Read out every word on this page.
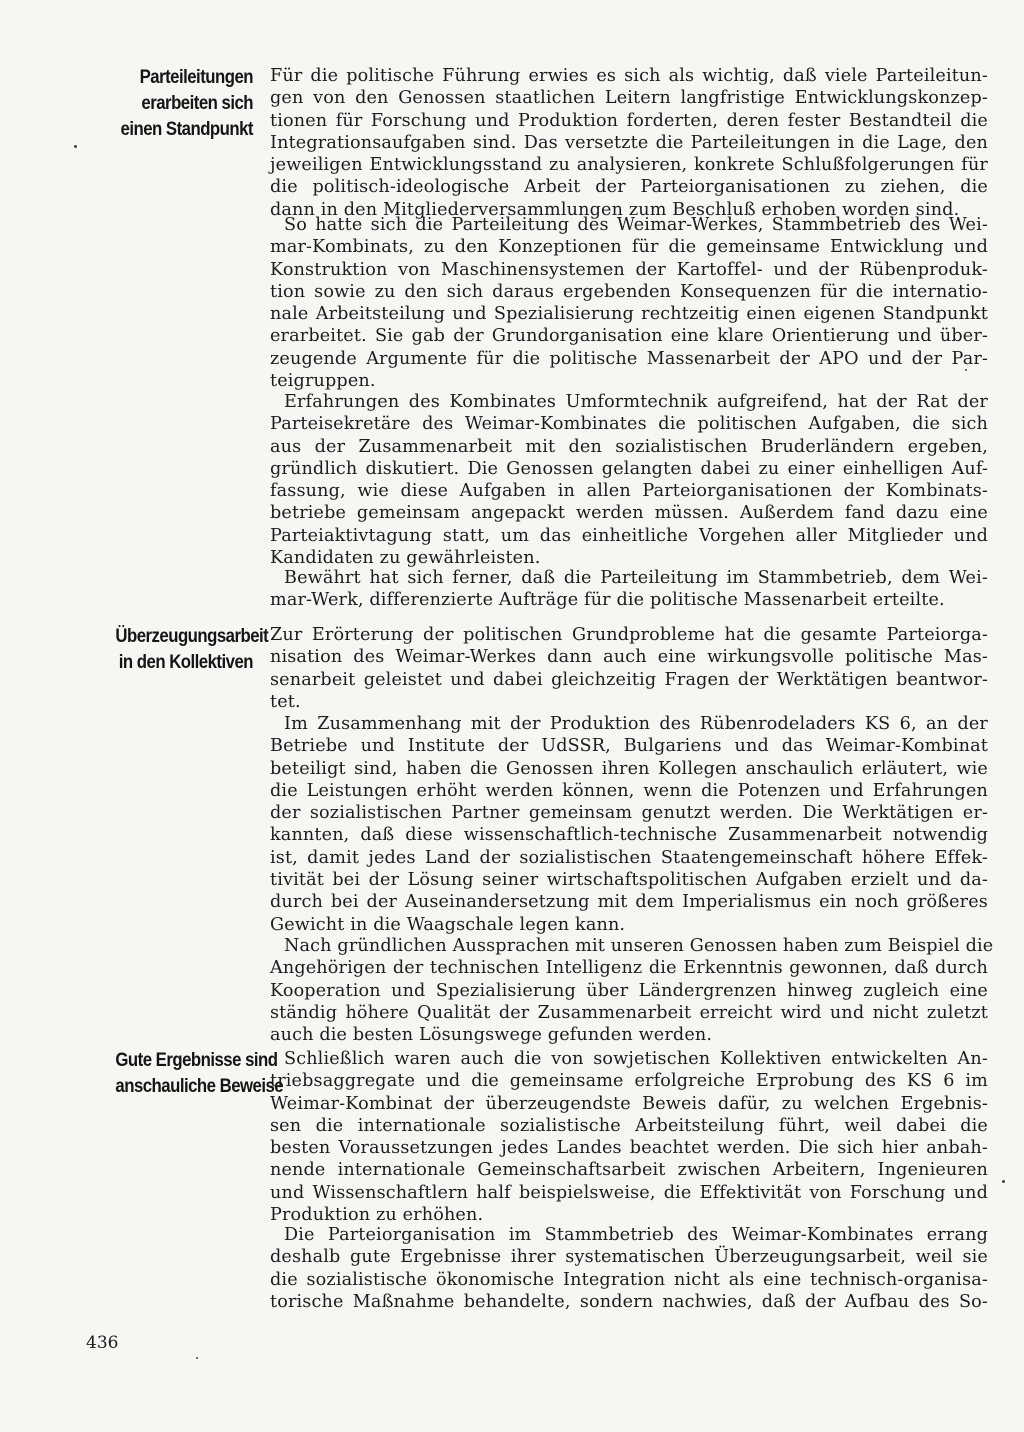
Parteileitungen
erarbeiten sich
einen Standpunkt
Überzeugungsarbeit
in den Kollektiven
Gute Ergebnisse sind
anschauliche Beweise
Für die politische Führung erwies es sich als wichtig, daß viele Parteileitun-
gen von den Genossen staatlichen Leitern langfristige Entwicklungskonzep-
tionen für Forschung und Produktion forderten, deren fester Bestandteil die
Integrationsaufgaben sind. Das versetzte die Parteileitungen in die Lage, den
jeweiligen Entwicklungsstand zu analysieren, konkrete Schlußfolgerungen für
die politisch-ideologische Arbeit der Parteiorganisationen zu ziehen, die
dann in den Mitgliederversammlungen zum Beschluß erhoben worden sind.
So hatte sich die Parteileitung des Weimar-Werkes, Stammbetrieb des Wei-
mar-Kombinats, zu den Konzeptionen für die gemeinsame Entwicklung und
Konstruktion von Maschinensystemen der Kartoffel- und der Rübenproduk-
tion sowie zu den sich daraus ergebenden Konsequenzen für die internatio-
nale Arbeitsteilung und Spezialisierung rechtzeitig einen eigenen Standpunkt
erarbeitet. Sie gab der Grundorganisation eine klare Orientierung und über-
zeugende Argumente für die politische Massenarbeit der APO und der Par-
teigruppen.
Erfahrungen des Kombinates Umformtechnik aufgreifend, hat der Rat der
Parteisekretäre des Weimar-Kombinates die politischen Aufgaben, die sich
aus der Zusammenarbeit mit den sozialistischen Bruderländern ergeben,
gründlich diskutiert. Die Genossen gelangten dabei zu einer einhelligen Auf-
fassung, wie diese Aufgaben in allen Parteiorganisationen der Kombinats-
betriebe gemeinsam angepackt werden müssen. Außerdem fand dazu eine
Parteiaktivtagung statt, um das einheitliche Vorgehen aller Mitglieder und
Kandidaten zu gewährleisten.
Bewährt hat sich ferner, daß die Parteileitung im Stammbetrieb, dem Wei-
mar-Werk, differenzierte Aufträge für die politische Massenarbeit erteilte.
Zur Erörterung der politischen Grundprobleme hat die gesamte Parteiorga-
nisation des Weimar-Werkes dann auch eine wirkungsvolle politische Mas-
senarbeit geleistet und dabei gleichzeitig Fragen der Werktätigen beantwor-
tet.
Im Zusammenhang mit der Produktion des Rübenrodeladers KS 6, an der
Betriebe und Institute der UdSSR, Bulgariens und das Weimar-Kombinat
beteiligt sind, haben die Genossen ihren Kollegen anschaulich erläutert, wie
die Leistungen erhöht werden können, wenn die Potenzen und Erfahrungen
der sozialistischen Partner gemeinsam genutzt werden. Die Werktätigen er-
kannten, daß diese wissenschaftlich-technische Zusammenarbeit notwendig
ist, damit jedes Land der sozialistischen Staatengemeinschaft höhere Effek-
tivität bei der Lösung seiner wirtschaftspolitischen Aufgaben erzielt und da-
durch bei der Auseinandersetzung mit dem Imperialismus ein noch größeres
Gewicht in die Waagschale legen kann.
Nach gründlichen Aussprachen mit unseren Genossen haben zum Beispiel die
Angehörigen der technischen Intelligenz die Erkenntnis gewonnen, daß durch
Kooperation und Spezialisierung über Ländergrenzen hinweg zugleich eine
ständig höhere Qualität der Zusammenarbeit erreicht wird und nicht zuletzt
auch die besten Lösungswege gefunden werden.
Schließlich waren auch die von sowjetischen Kollektiven entwickelten An-
triebsaggregate und die gemeinsame erfolgreiche Erprobung des KS 6 im
Weimar-Kombinat der überzeugendste Beweis dafür, zu welchen Ergebnis-
sen die internationale sozialistische Arbeitsteilung führt, weil dabei die
besten Voraussetzungen jedes Landes beachtet werden. Die sich hier anbah-
nende internationale Gemeinschaftsarbeit zwischen Arbeitern, Ingenieuren
und Wissenschaftlern half beispielsweise, die Effektivität von Forschung und
Produktion zu erhöhen.
Die Parteiorganisation im Stammbetrieb des Weimar-Kombinates errang
deshalb gute Ergebnisse ihrer systematischen Überzeugungsarbeit, weil sie
die sozialistische ökonomische Integration nicht als eine technisch-organisa-
torische Maßnahme behandelte, sondern nachwies, daß der Aufbau des So-
436
